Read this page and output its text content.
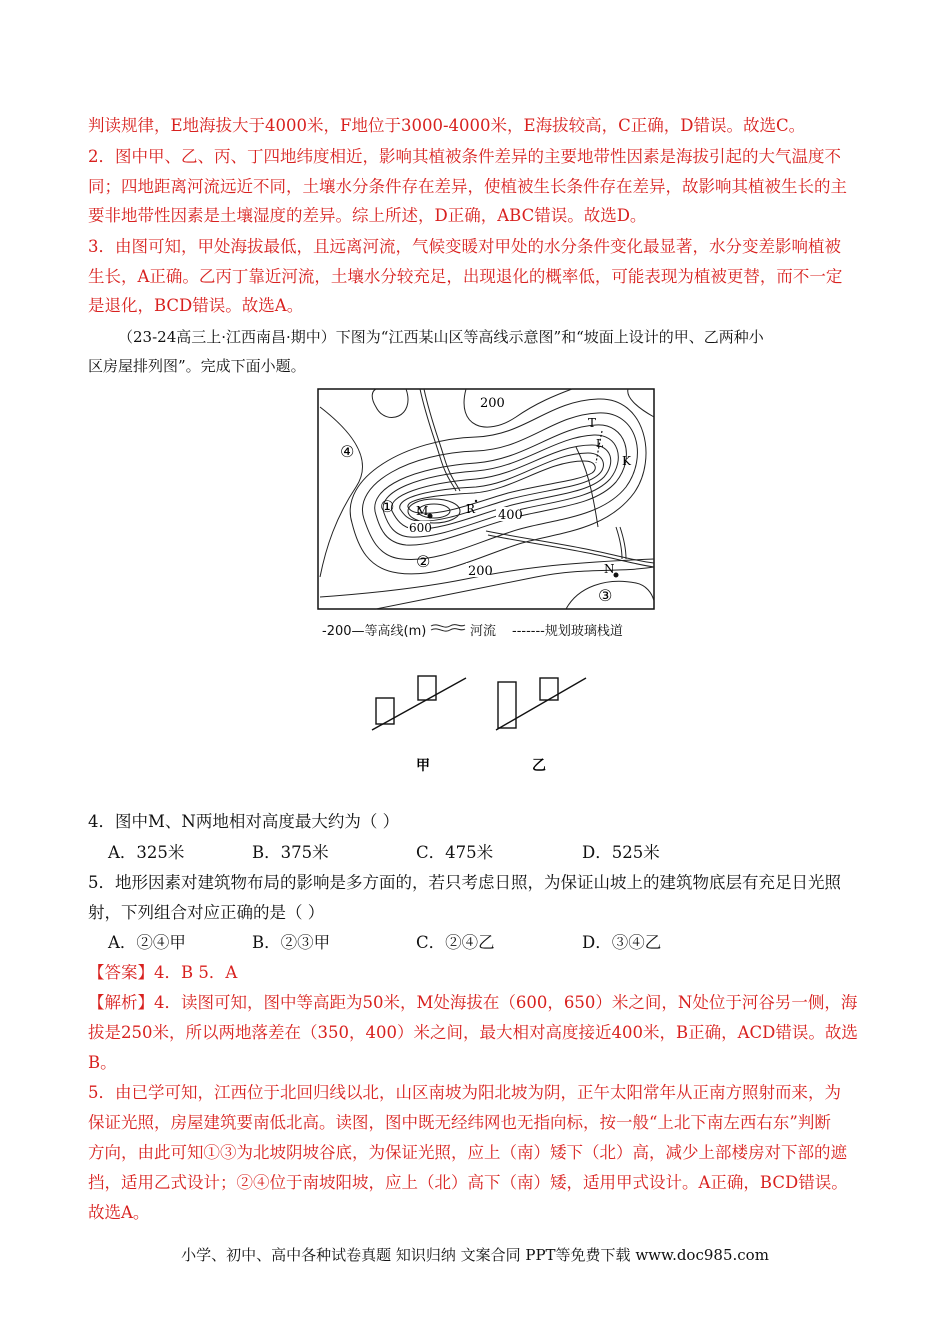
判读规律，E地海拔大于4000米，F地位于3000-4000米，E海拔较高，C正确，D错误。故选C。
2．图中甲、乙、丙、丁四地纬度相近，影响其植被条件差异的主要地带性因素是海拔引起的大气温度不
同；四地距离河流远近不同，土壤水分条件存在差异，使植被生长条件存在差异，故影响其植被生长的主
要非地带性因素是土壤湿度的差异。综上所述，D正确，ABC错误。故选D。
3．由图可知，甲处海拔最低，且远离河流，气候变暖对甲处的水分条件变化最显著，水分变差影响植被
生长，A正确。乙丙丁靠近河流，土壤水分较充足，出现退化的概率低，可能表现为植被更替，而不一定
是退化，BCD错误。故选A。
（23-24高三上·江西南昌·期中）下图为“江西某山区等高线示意图”和“坡面上设计的甲、乙两种小
区房屋排列图”。完成下面小题。
200
200
400
600
M	R
N
T
L
K
①
②
③
④
-200—等高线(m)	河流 -------规划玻璃栈道
甲	乙
4．图中M、N两地相对高度最大约为（ ）
A．325米	B．375米	C．475米	D．525米
5．地形因素对建筑物布局的影响是多方面的，若只考虑日照，为保证山坡上的建筑物底层有充足日光照
射，下列组合对应正确的是（ ）
A．②④甲	B．②③甲	C．②④乙	D．③④乙
【答案】4．B 5．A
【解析】4．读图可知，图中等高距为50米，M处海拔在（600，650）米之间，N处位于河谷另一侧，海
拔是250米，所以两地落差在（350，400）米之间，最大相对高度接近400米，B正确，ACD错误。故选
B。
5．由已学可知，江西位于北回归线以北，山区南坡为阳北坡为阴，正午太阳常年从正南方照射而来，为
保证光照，房屋建筑要南低北高。读图，图中既无经纬网也无指向标，按一般“上北下南左西右东”判断
方向，由此可知①③为北坡阴坡谷底，为保证光照，应上（南）矮下（北）高，减少上部楼房对下部的遮
挡，适用乙式设计；②④位于南坡阳坡，应上（北）高下（南）矮，适用甲式设计。A正确，BCD错误。
故选A。
小学、初中、高中各种试卷真题 知识归纳 文案合同 PPT等免费下载 www.doc985.com
